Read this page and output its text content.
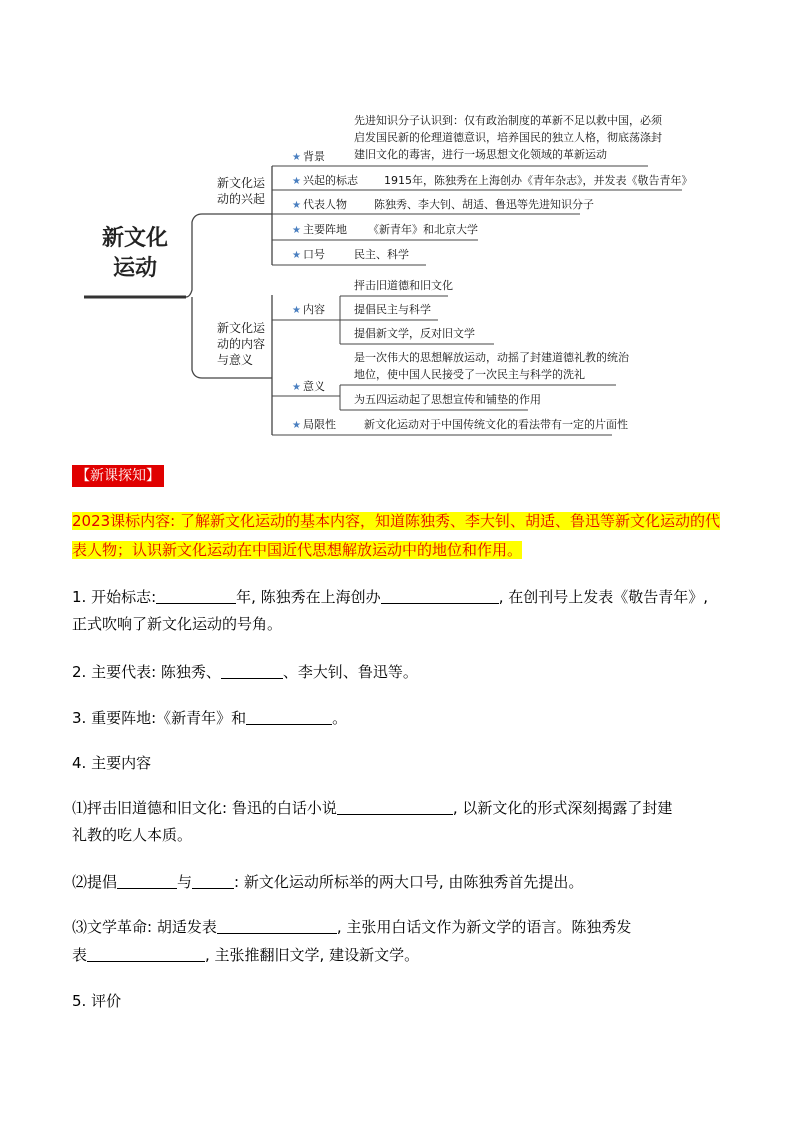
新文化运动
新文化运
动的兴起
新文化运
动的内容
与意义
★ 背景
先进知识分子认识到：仅有政治制度的革新不足以救中国，必须
启发国民新的伦理道德意识，培养国民的独立人格，彻底荡涤封
建旧文化的毒害，进行一场思想文化领域的革新运动
★ 兴起的标志 1915年，陈独秀在上海创办《青年杂志》，并发表《敬告青年》
★ 代表人物 陈独秀、李大钊、胡适、鲁迅等先进知识分子
★ 主要阵地 《新青年》和北京大学
★ 口号	民主、科学
★ 内容
抨击旧道德和旧文化
提倡民主与科学
提倡新文学，反对旧文学
★ 意义
是一次伟大的思想解放运动，动摇了封建道德礼教的统治
地位，使中国人民接受了一次民主与科学的洗礼
为五四运动起了思想宣传和铺垫的作用
★ 局限性	新文化运动对于中国传统文化的看法带有一定的片面性
【新课探知】
2023课标内容: 了解新文化运动的基本内容，知道陈独秀、李大钊、胡适、鲁迅等新文化运动的代表人物；认识新文化运动在中国近代思想解放运动中的地位和作用。
1. 开始标志:	年, 陈独秀在上海创办	, 在创刊号上发表《敬告青年》,
正式吹响了新文化运动的号角。
2. 主要代表: 陈独秀、	、李大钊、鲁迅等。
3. 重要阵地:《新青年》和	。
4. 主要内容
⑴抨击旧道德和旧文化: 鲁迅的白话小说	, 以新文化的形式深刻揭露了封建
礼教的吃人本质。
⑵提倡	与	: 新文化运动所标举的两大口号, 由陈独秀首先提出。
⑶文学革命: 胡适发表	, 主张用白话文作为新文学的语言。陈独秀发
表	, 主张推翻旧文学, 建设新文学。
5. 评价
